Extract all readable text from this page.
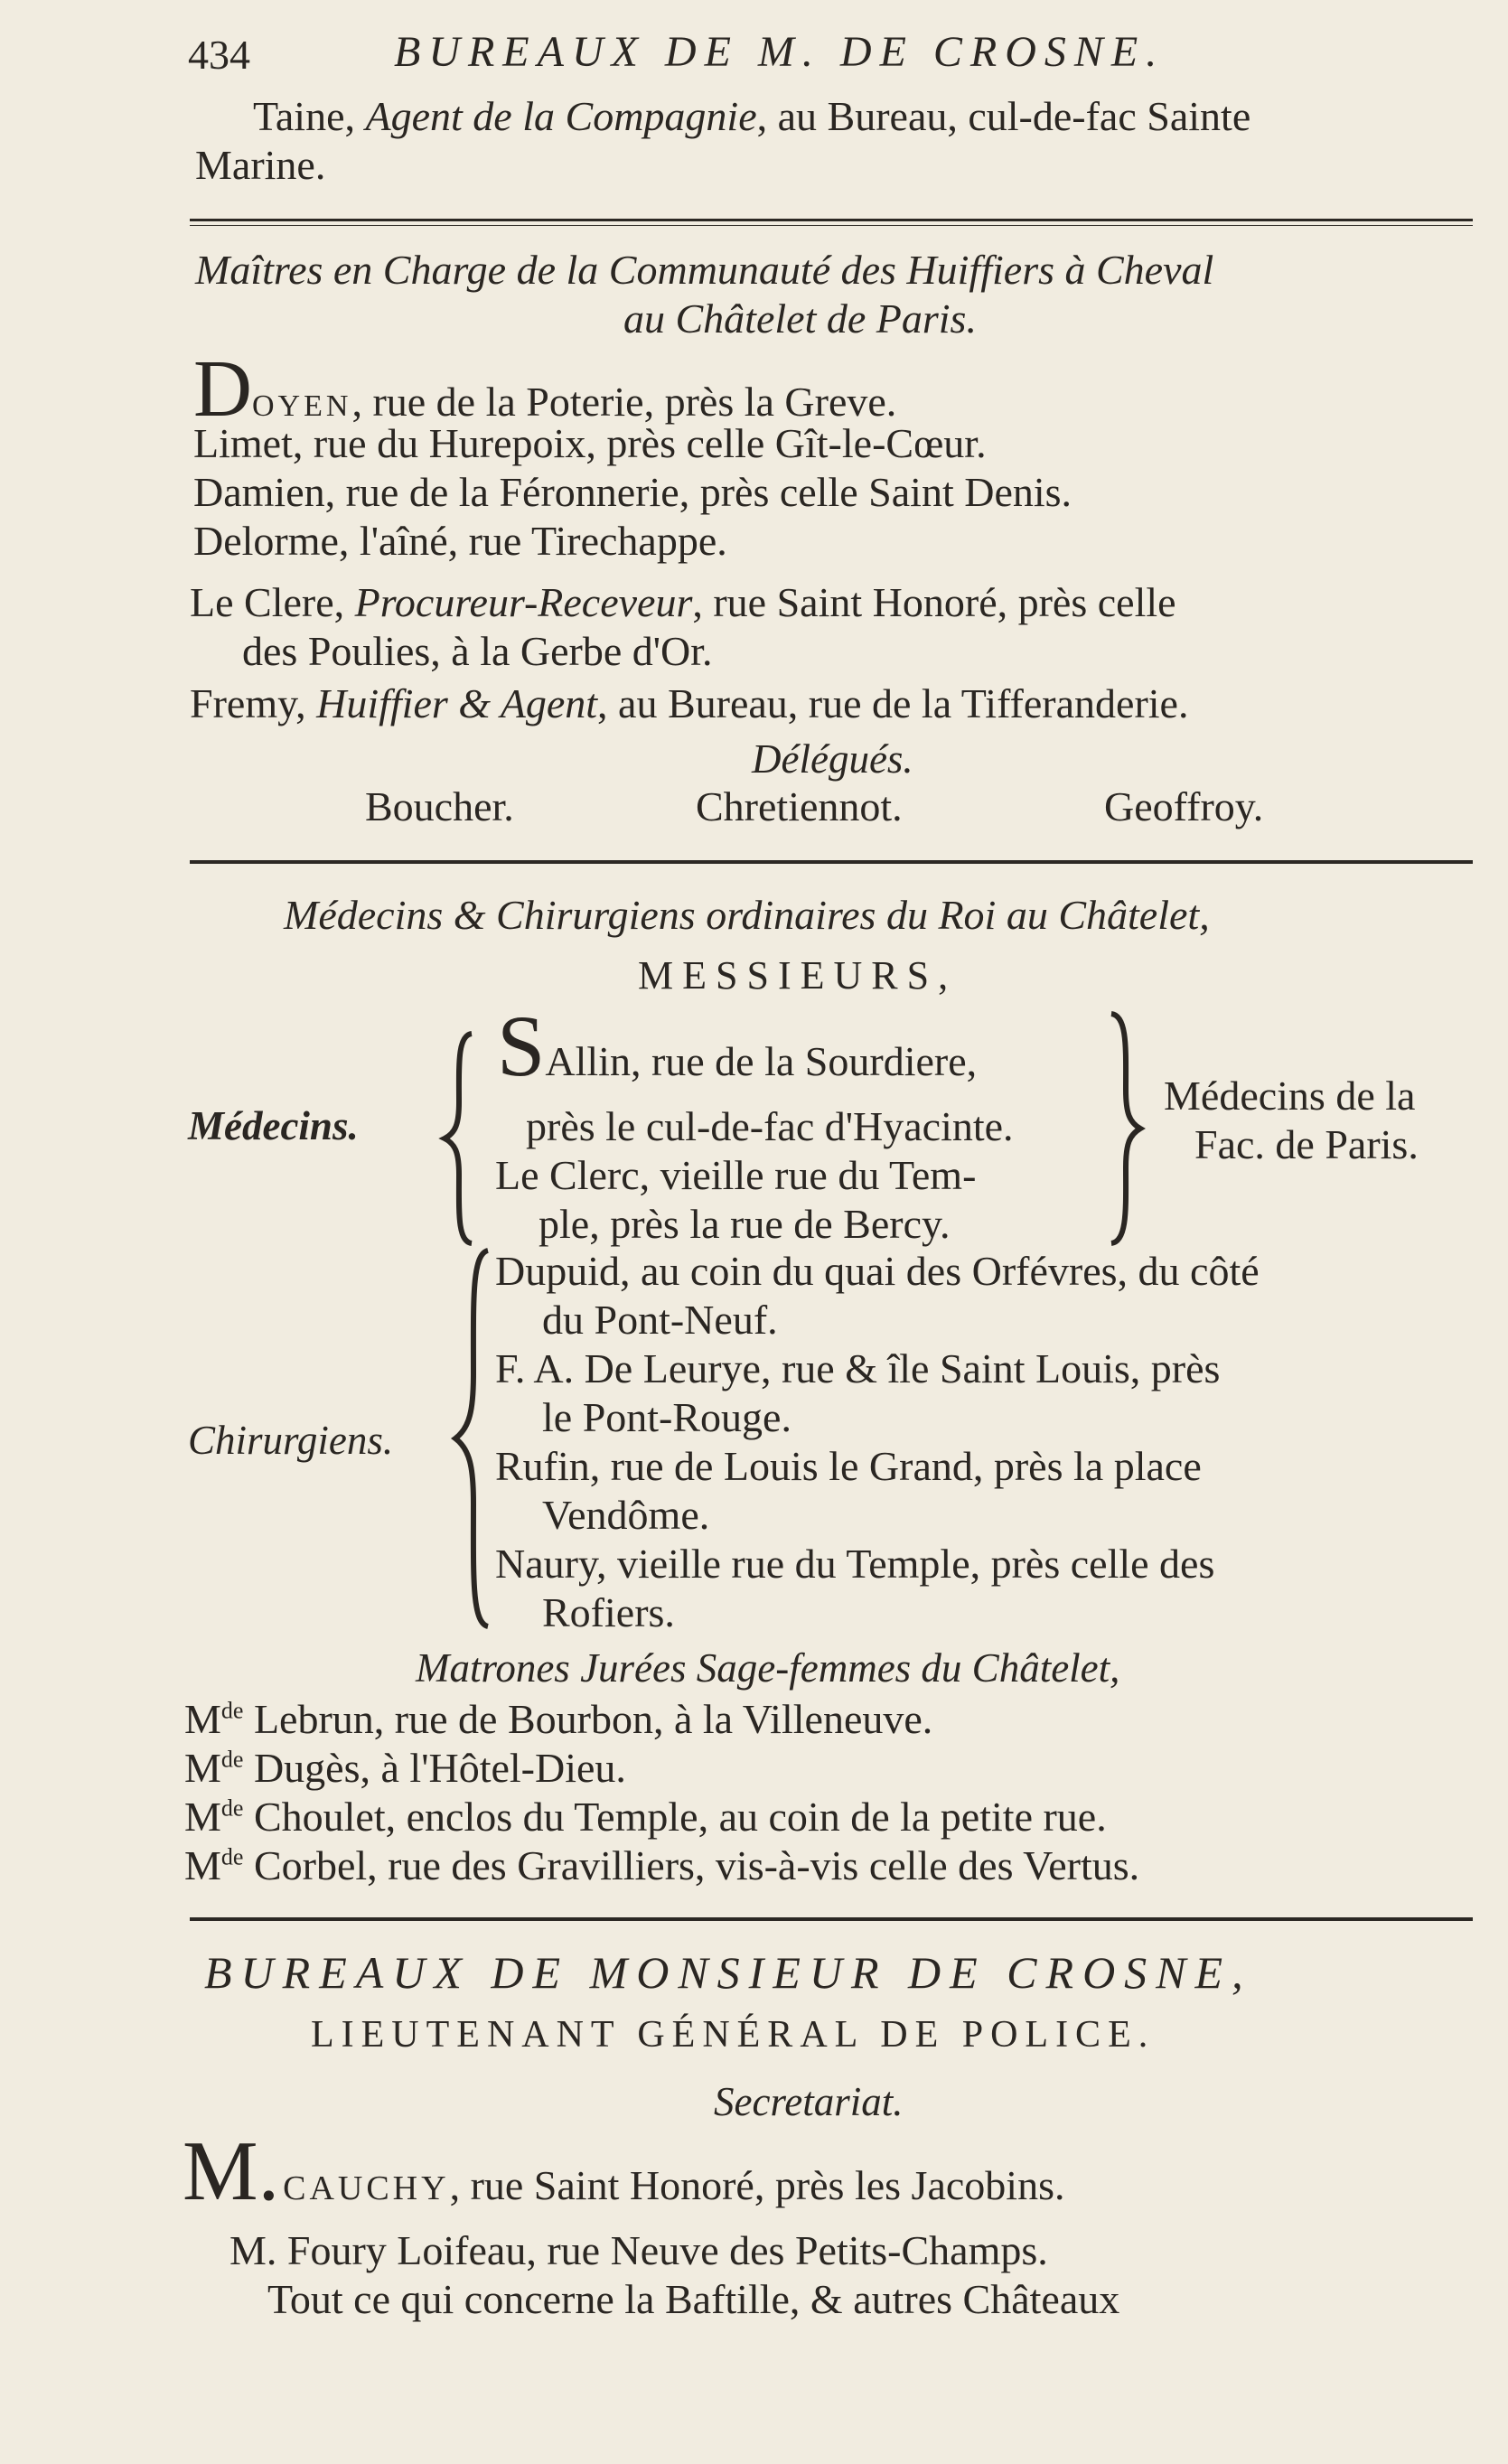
434	BUREAUX DE M. DE CROSNE.
Taine, Agent de la Compagnie, au Bureau, cul-de-fac Sainte
Marine.
Maîtres en Charge de la Communauté des Huiffiers à Cheval
au Châtelet de Paris.
DOYEN, rue de la Poterie, près la Greve.
Limet, rue du Hurepoix, près celle Gît-le-Cœur.
Damien, rue de la Féronnerie, près celle Saint Denis.
Delorme, l'aîné, rue Tirechappe.
Le Clere, Procureur-Receveur, rue Saint Honoré, près celle
des Poulies, à la Gerbe d'Or.
Fremy, Huiffier & Agent, au Bureau, rue de la Tifferanderie.
Délégués.
Boucher.	Chretiennot.	Geoffroy.
Médecins & Chirurgiens ordinaires du Roi au Châtelet,
MESSIEURS,
Médecins.
SAllin, rue de la Sourdiere,
près le cul-de-fac d'Hyacinte.
Le Clerc, vieille rue du Tem-
ple, près la rue de Bercy.
Médecins de la
Fac. de Paris.
Chirurgiens.
Dupuid, au coin du quai des Orfévres, du côté
du Pont-Neuf.
F. A. De Leurye, rue & île Saint Louis, près
le Pont-Rouge.
Rufin, rue de Louis le Grand, près la place
Vendôme.
Naury, vieille rue du Temple, près celle des
Rofiers.
Matrones Jurées Sage-femmes du Châtelet,
Mde Lebrun, rue de Bourbon, à la Villeneuve.
Mde Dugès, à l'Hôtel-Dieu.
Mde Choulet, enclos du Temple, au coin de la petite rue.
Mde Corbel, rue des Gravilliers, vis-à-vis celle des Vertus.
BUREAUX DE MONSIEUR DE CROSNE,
LIEUTENANT GÉNÉRAL DE POLICE.
Secretariat.
M. CAUCHY, rue Saint Honoré, près les Jacobins.
M. Foury Loifeau, rue Neuve des Petits-Champs.
Tout ce qui concerne la Baftille, & autres Châteaux
